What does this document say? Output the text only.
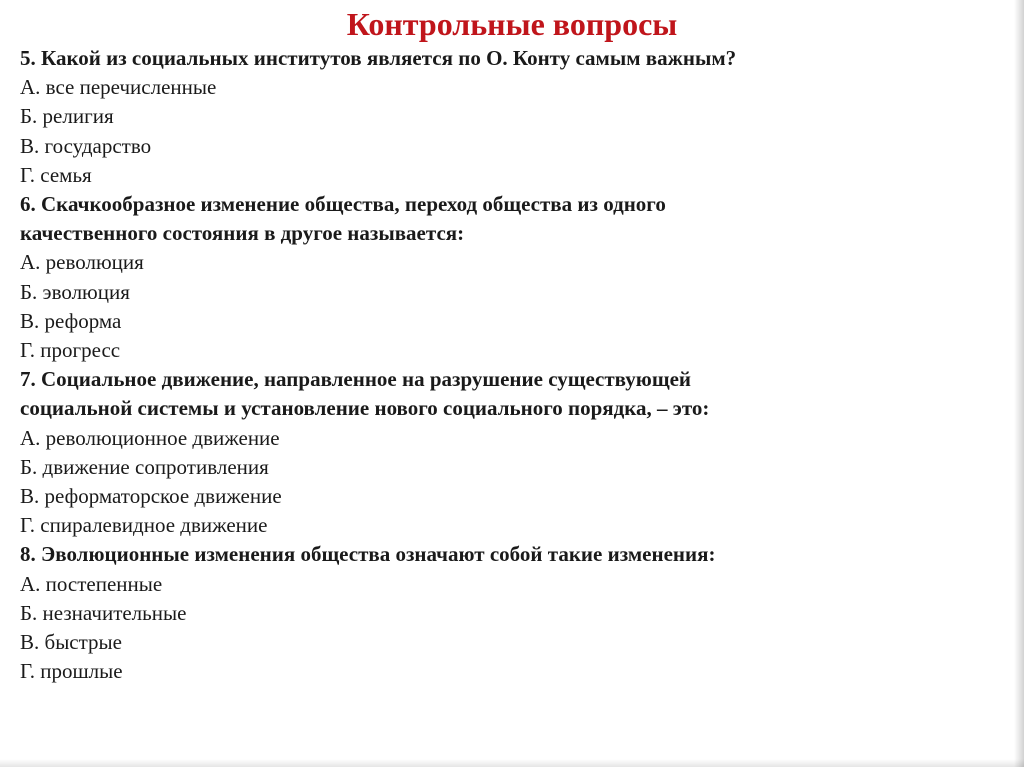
Контрольные вопросы
5. Какой из социальных институтов является по О. Конту самым важным?
А. все перечисленные
Б. религия
В. государство
Г. семья
6. Скачкообразное изменение общества, переход общества из одного
качественного состояния в другое называется:
А. революция
Б. эволюция
В. реформа
Г. прогресс
7. Социальное движение, направленное на разрушение существующей
социальной системы и установление нового социального порядка, – это:
А. революционное движение
Б. движение сопротивления
В. реформаторское движение
Г. спиралевидное движение
8. Эволюционные изменения общества означают собой такие изменения:
А. постепенные
Б. незначительные
В. быстрые
Г. прошлые
